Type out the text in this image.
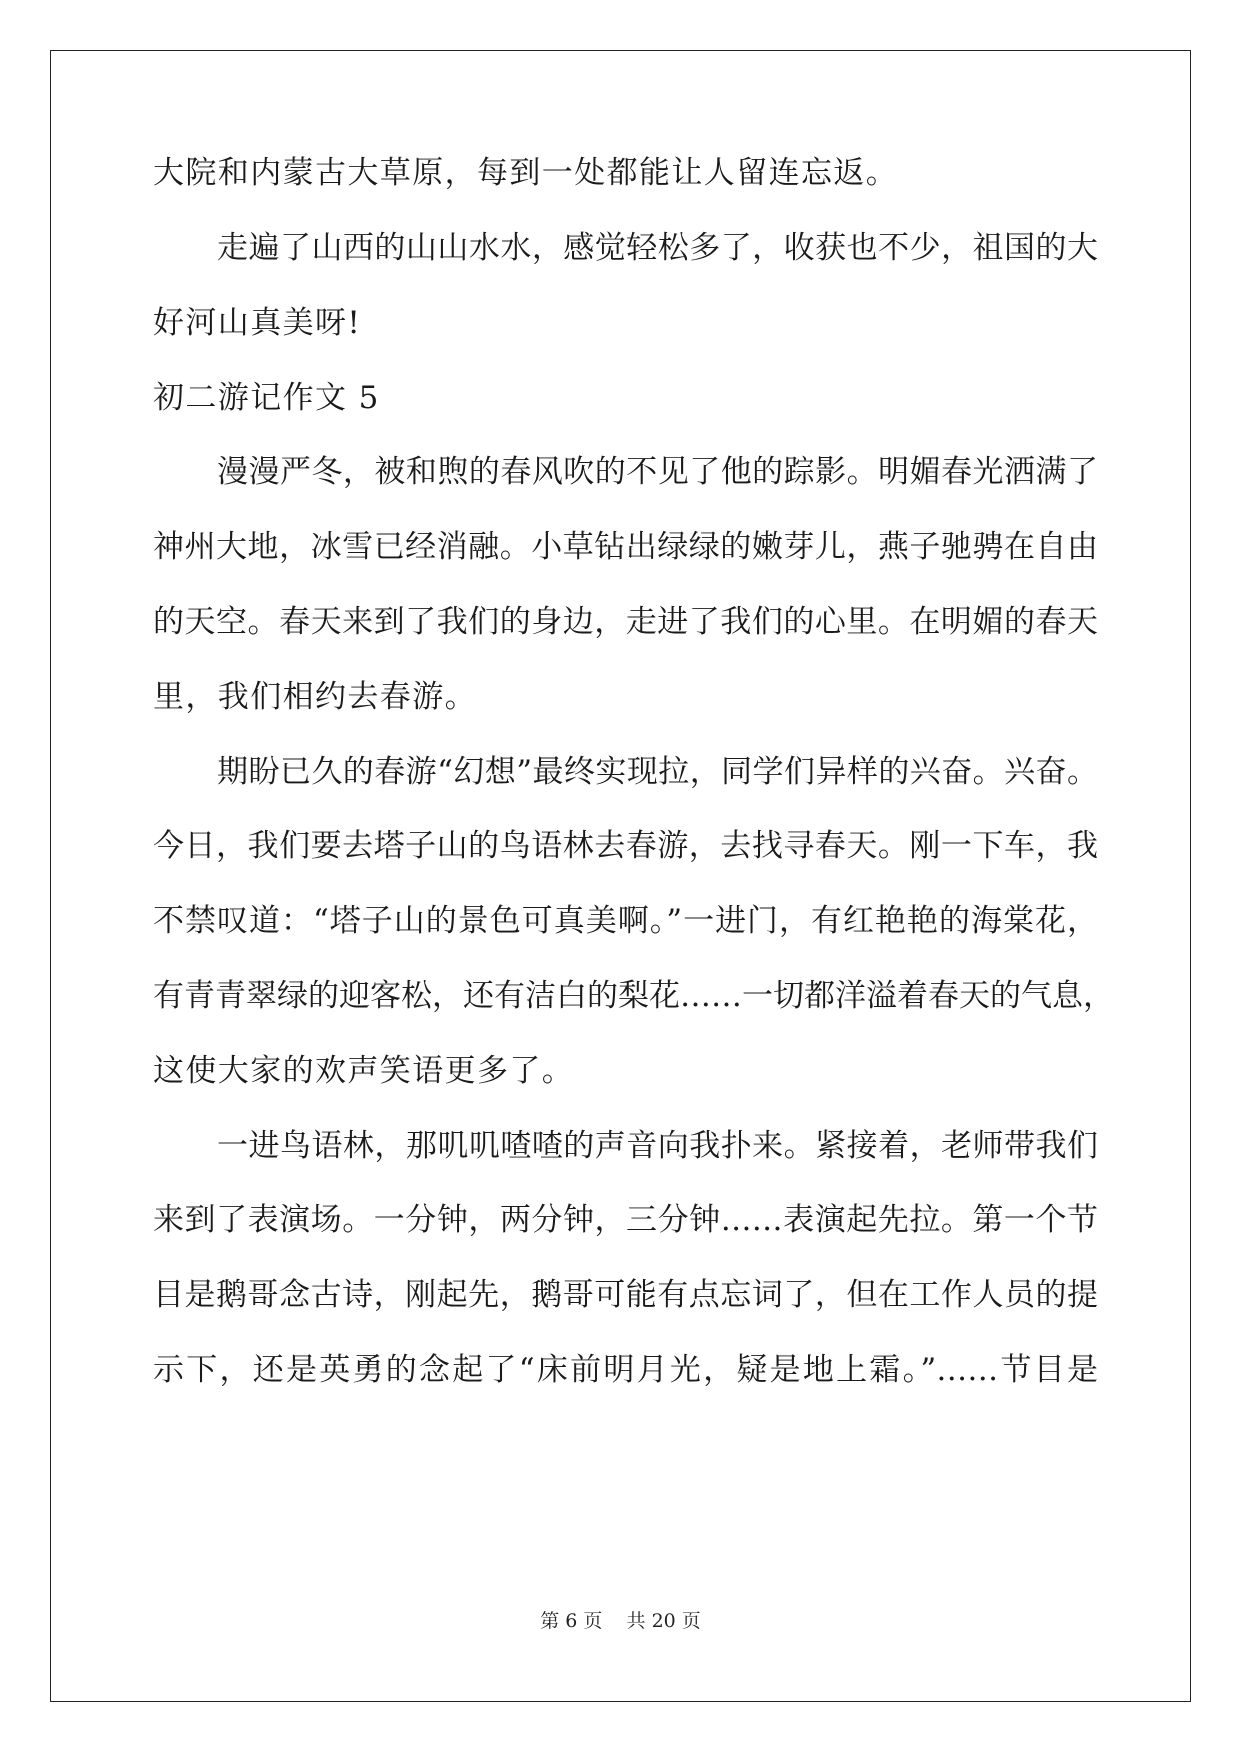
大院和内蒙古大草原，每到一处都能让人留连忘返。
走遍了山西的山山水水，感觉轻松多了，收获也不少，祖国的大
好河山真美呀!
初二游记作文 5
漫漫严冬，被和煦的春风吹的不见了他的踪影。明媚春光洒满了
神州大地，冰雪已经消融。小草钻出绿绿的嫩芽儿，燕子驰骋在自由
的天空。春天来到了我们的身边，走进了我们的心里。在明媚的春天
里，我们相约去春游。
期盼已久的春游“幻想”最终实现拉，同学们异样的兴奋。兴奋。
今日，我们要去塔子山的鸟语林去春游，去找寻春天。刚一下车，我
不禁叹道：“塔子山的景色可真美啊。”一进门，有红艳艳的海棠花，
有青青翠绿的迎客松，还有洁白的梨花……一切都洋溢着春天的气息，
这使大家的欢声笑语更多了。
一进鸟语林，那叽叽喳喳的声音向我扑来。紧接着，老师带我们
来到了表演场。一分钟，两分钟，三分钟……表演起先拉。第一个节
目是鹅哥念古诗，刚起先，鹅哥可能有点忘词了，但在工作人员的提
示下，还是英勇的念起了“床前明月光，疑是地上霜。”……节目是
第 6 页 共 20 页
